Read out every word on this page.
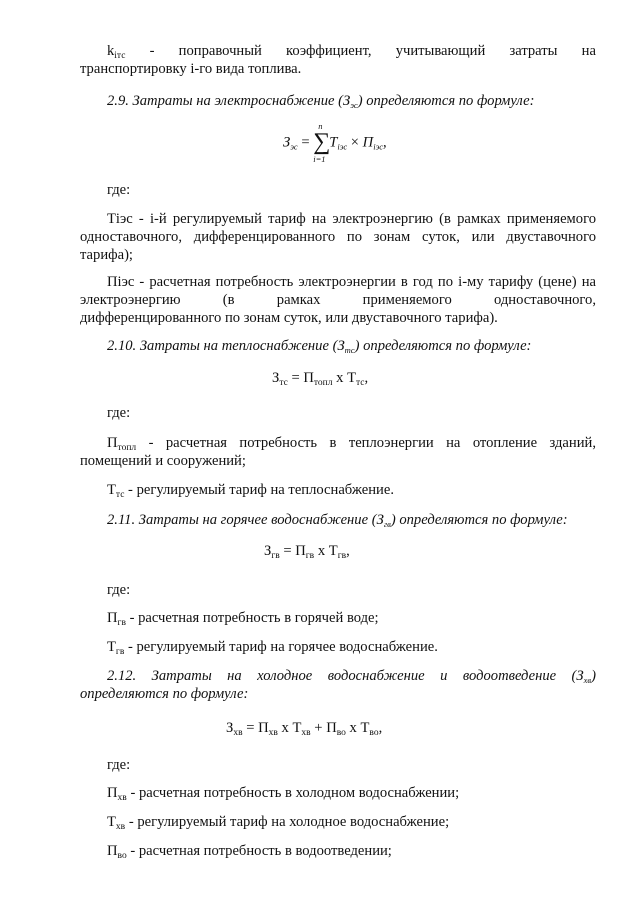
$k_{ітс}$ - поправочный коэффициент, учитывающий затраты на
транспортировку i-го вида топлива.
2.9. Затраты на электроснабжение $(З_{эс})$ определяются по формуле:
$З_{эс}$ =
n
∑
i=1
$Т_{iэс} \times П_{iэс}$,
где:
Тіэс - i-й регулируемый тариф на электроэнергию (в рамках применяемого
одноставочного, дифференцированного по зонам суток, или двуставочного
тарифа);
Піэс - расчетная потребность электроэнергии в год по i-му тарифу (цене) на
электроэнергию (в рамках применяемого одноставочного,
дифференцированного по зонам суток, или двуставочного тарифа).
2.10. Затраты на теплоснабжение $(З_{тс})$ определяются по формуле:
$З_{тс} = П_{топл}$ х $Т_{тс}$,
где:
$П_{топл}$ - расчетная потребность в теплоэнергии на отопление зданий,
помещений и сооружений;
$Т_{тс}$ - регулируемый тариф на теплоснабжение.
2.11. Затраты на горячее водоснабжение $(З_{гв})$ определяются по формуле:
$З_{гв} = П_{гв}$ х $Т_{гв}$,
где:
$П_{гв}$ - расчетная потребность в горячей воде;
$Т_{гв}$ - регулируемый тариф на горячее водоснабжение.
2.12. Затраты на холодное водоснабжение и водоотведение $(З_{хв})$
определяются по формуле:
$З_{хв} = П_{хв}$ х $Т_{хв} + П_{во}$ х $Т_{во}$,
где:
$П_{хв}$ - расчетная потребность в холодном водоснабжении;
$Т_{хв}$ - регулируемый тариф на холодное водоснабжение;
$П_{во}$ - расчетная потребность в водоотведении;
